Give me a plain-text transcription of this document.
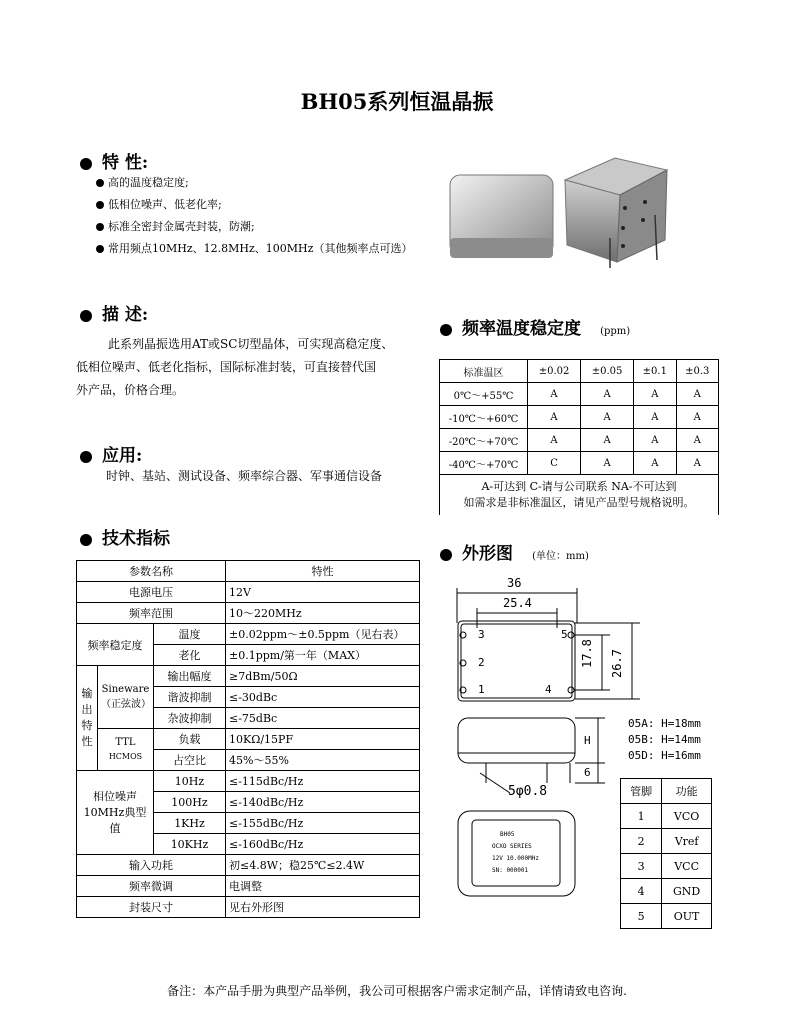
BH05系列恒温晶振
特 性:
高的温度稳定度;
低相位噪声、低老化率;
标准全密封金属壳封装，防潮;
常用频点10MHz、12.8MHz、100MHz（其他频率点可选）
描 述:
此系列晶振选用AT或SC切型晶体，可实现高稳定度、
低相位噪声、低老化指标，国际标准封装，可直接替代国
外产品，价格合理。
应用:
时钟、基站、测试设备、频率综合器、军事通信设备
技术指标
参数名称			特性
电源电压			12V
频率范围			10～220MHz
频率稳定度		温度	±0.02ppm～±0.5ppm（见右表）
		老化	±0.1ppm/第一年（MAX）
输出特性	Sineware（正弦波）	输出幅度	≥7dBm/50Ω
		谐波抑制	≤-30dBc
		杂波抑制	≤-75dBc

	TTL
HCMOS	负载	10KΩ/15PF
		占空比	45%～55%
相位噪声10MHz典型值		10Hz	≤-115dBc/Hz
		100Hz	≤-140dBc/Hz
		1KHz	≤-155dBc/Hz
		10KHz	≤-160dBc/Hz
输入功耗			初≤4.8W；稳25℃≤2.4W
频率微调			电调整
封装尺寸			见右外形图
频率温度稳定度 (ppm)
标准温区	±0.02	±0.05	±0.1	±0.3
0℃～+55℃	A	A	A	A
-10℃～+60℃	A	A	A	A
-20℃～+70℃	A	A	A	A
-40℃～+70℃	C	A	A	A

A-可达到 C-请与公司联系 NA-不可达到
如需求是非标准温区，请见产品型号规格说明。				
外形图 (单位：mm)
BH05
OCXO SERIES
12V 10.000MHz
SN: 000001
36
25.4
17.8 26.7
3	5
2
1	4
H
6
5φ0.8
05A: H=18mm
05B: H=14mm
05D: H=16mm
管脚	功能
1	VCO
2	Vref
3	VCC
4	GND
5	OUT
备注：本产品手册为典型产品举例，我公司可根据客户需求定制产品，详情请致电咨询.
